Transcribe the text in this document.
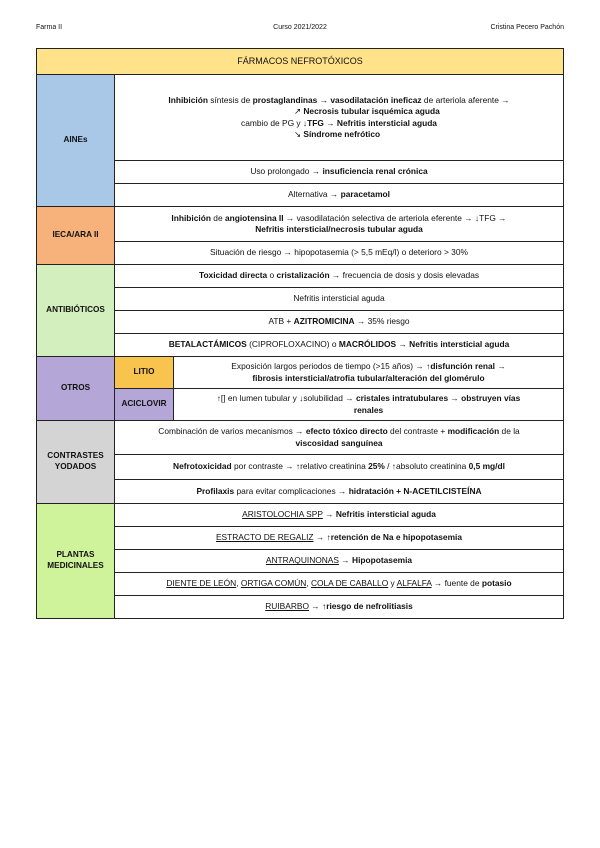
Farma II	Curso 2021/2022	Cristina Pecero Pachón
FÁRMACOS NEFROTÓXICOS		
AINEs	Inhibición síntesis de prostaglandinas → vasodilatación ineficaz de arteriola aferente →
↗ Necrosis tubular isquémica aguda
cambio de PG y ↓TFG → Nefritis intersticial aguda
↘ Síndrome nefrótico	

	Uso prolongado → insuficiencia renal crónica	
	Alternativa → paracetamol	
IECA/ARA II	Inhibición de angiotensina II → vasodilatación selectiva de arteriola eferente → ↓TFG →
Nefritis intersticial/necrosis tubular aguda	

	Situación de riesgo → hipopotasemia (> 5,5 mEq/l) o deterioro > 30%	
ANTIBIÓTICOS	Toxicidad directa o cristalización → frecuencia de dosis y dosis elevadas	
	Nefritis intersticial aguda	
	ATB + AZITROMICINA → 35% riesgo	
	BETALACTÁMICOS (CIPROFLOXACINO) o MACRÓLIDOS → Nefritis intersticial aguda	
OTROS	LITIO	Exposición largos periodos de tiempo (>15 años) → ↑disfunción renal →
fibrosis intersticial/atrofia tubular/alteración del glomérulo

	ACICLOVIR	↑[] en lumen tubular y ↓solubilidad → cristales intratubulares → obstruyen vías
renales

CONTRASTES YODADOS	Combinación de varios mecanismos → efecto tóxico directo del contraste + modificación de la
viscosidad sanguínea	

	Nefrotoxicidad por contraste → ↑relativo creatinina 25% / ↑absoluto creatinina 0,5 mg/dl	
	Profilaxis para evitar complicaciones → hidratación + N-ACETILCISTEÍNA	
PLANTAS MEDICINALES	ARISTOLOCHIA SPP → Nefritis intersticial aguda	
	ESTRACTO DE REGALIZ → ↑retención de Na e hipopotasemia	
	ANTRAQUINONAS → Hipopotasemia	
	DIENTE DE LEÓN, ORTIGA COMÚN, COLA DE CABALLO y ALFALFA → fuente de potasio	
	RUIBARBO → ↑riesgo de nefrolitiasis	
